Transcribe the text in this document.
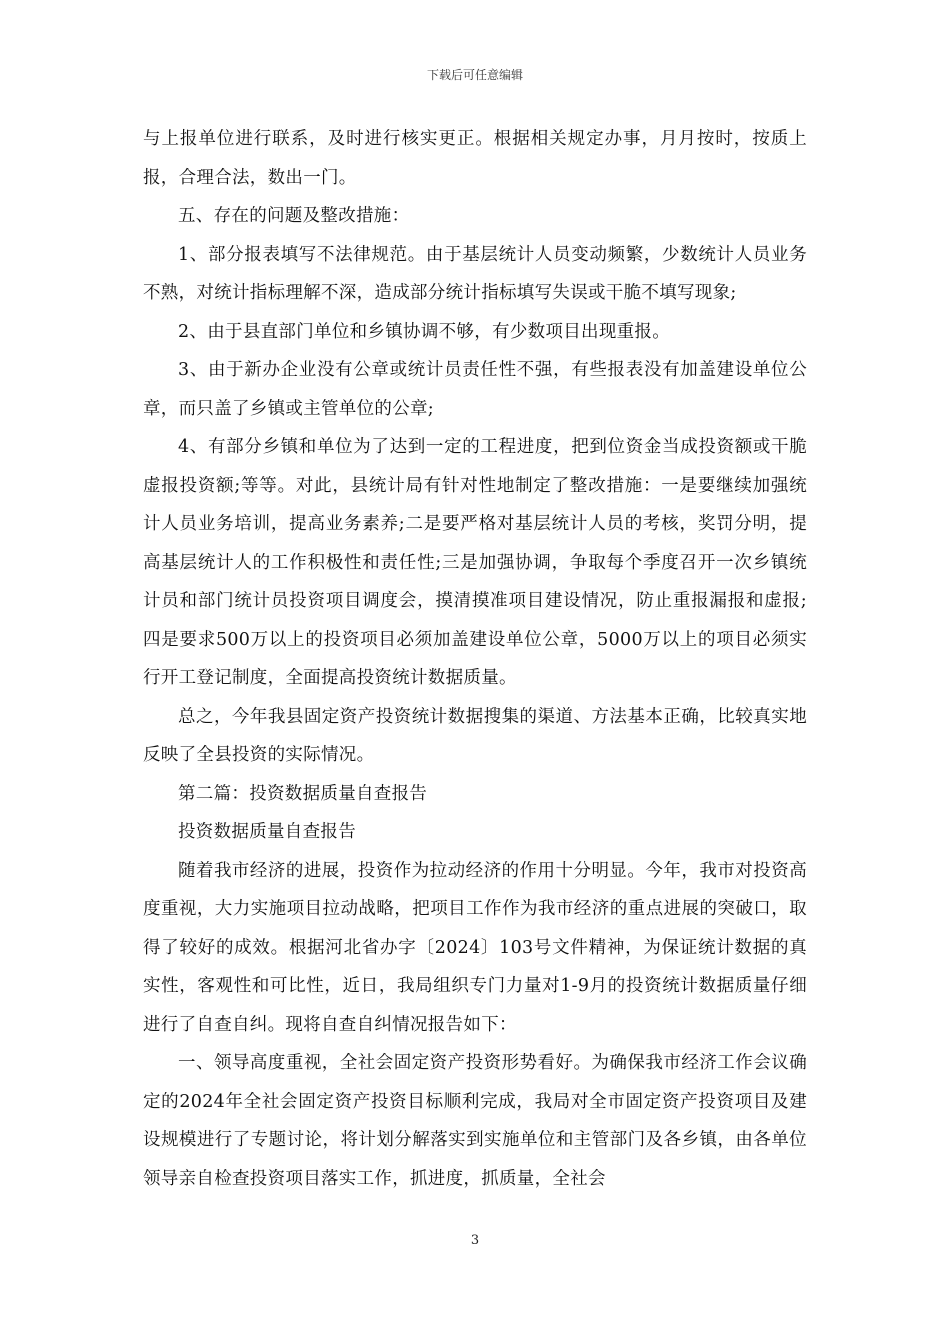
下载后可任意编辑

与上报单位进行联系，及时进行核实更正。根据相关规定办事，月月按时，按质上报，合理合法，数出一门。

五、存在的问题及整改措施：

1、部分报表填写不法律规范。由于基层统计人员变动频繁，少数统计人员业务不熟，对统计指标理解不深，造成部分统计指标填写失误或干脆不填写现象;

2、由于县直部门单位和乡镇协调不够，有少数项目出现重报。

3、由于新办企业没有公章或统计员责任性不强，有些报表没有加盖建设单位公章，而只盖了乡镇或主管单位的公章;

4、有部分乡镇和单位为了达到一定的工程进度，把到位资金当成投资额或干脆虚报投资额;等等。对此，县统计局有针对性地制定了整改措施：一是要继续加强统计人员业务培训，提高业务素养;二是要严格对基层统计人员的考核，奖罚分明，提高基层统计人的工作积极性和责任性;三是加强协调，争取每个季度召开一次乡镇统计员和部门统计员投资项目调度会，摸清摸准项目建设情况，防止重报漏报和虚报;四是要求500万以上的投资项目必须加盖建设单位公章，5000万以上的项目必须实行开工登记制度，全面提高投资统计数据质量。

总之，今年我县固定资产投资统计数据搜集的渠道、方法基本正确，比较真实地反映了全县投资的实际情况。

第二篇：投资数据质量自查报告

投资数据质量自查报告

随着我市经济的进展，投资作为拉动经济的作用十分明显。今年，我市对投资高度重视，大力实施项目拉动战略，把项目工作作为我市经济的重点进展的突破口，取得了较好的成效。根据河北省办字〔2024〕103号文件精神，为保证统计数据的真实性，客观性和可比性，近日，我局组织专门力量对1-9月的投资统计数据质量仔细进行了自查自纠。现将自查自纠情况报告如下：

一、领导高度重视，全社会固定资产投资形势看好。为确保我市经济工作会议确定的2024年全社会固定资产投资目标顺利完成，我局对全市固定资产投资项目及建设规模进行了专题讨论，将计划分解落实到实施单位和主管部门及各乡镇，由各单位领导亲自检查投资项目落实工作，抓进度，抓质量，全社会

3
